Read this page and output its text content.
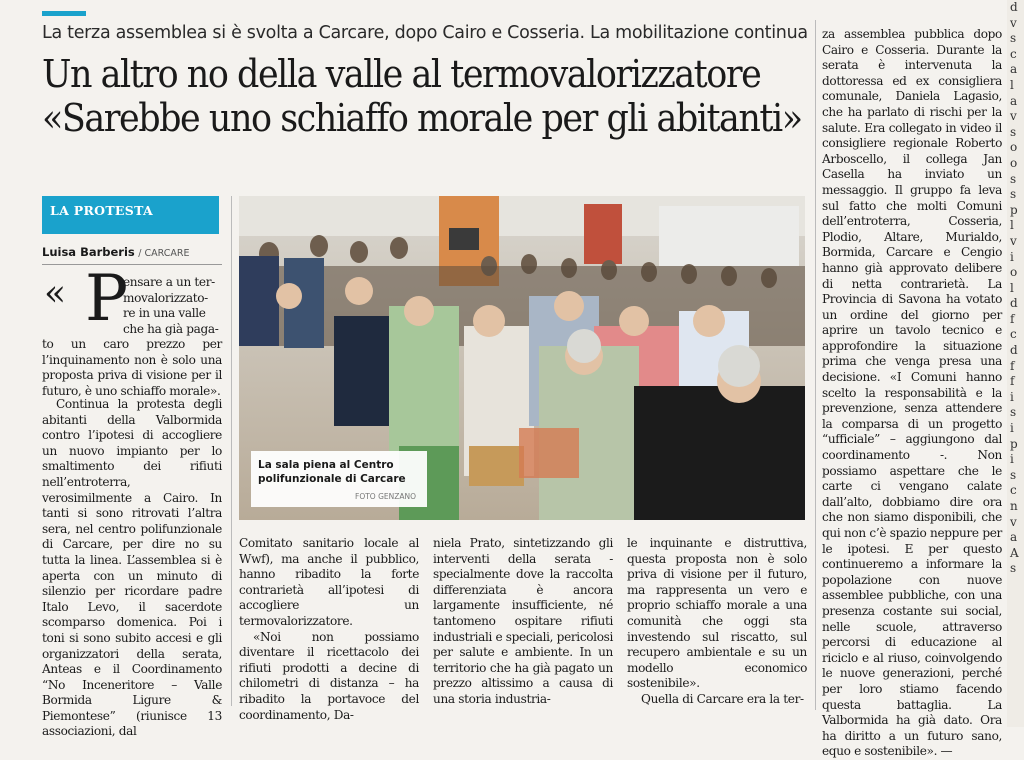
La terza assemblea si è svolta a Carcare, dopo Cairo e Cosseria. La mobilitazione continua
Un altro no della valle al termovalorizzatore
«Sarebbe uno schiaffo morale per gli abitanti»
LA PROTESTA
Luisa Barberis / CARCARE
« P
ensare a un ter-
movalorizzato-
re in una valle
che ha già paga-

to un caro prezzo per l’inquinamento non è solo una proposta priva di visione per il futuro, è uno schiaffo morale».

Continua la protesta degli abitanti della Valbormida contro l’ipotesi di accogliere un nuovo impianto per lo smaltimento dei rifiuti nell’entroterra, verosimilmente a Cairo. In tanti si sono ritrovati l’altra sera, nel centro polifunzionale di Carcare, per dire no su tutta la linea. L’assemblea si è aperta con un minuto di silenzio per ricordare padre Italo Levo, il sacerdote scomparso domenica. Poi i toni si sono subito accesi e gli organizzatori della serata, Anteas e il Coordinamento “No Inceneritore – Valle Bormida Ligure & Piemontese” (riunisce 13 associazioni, dal

La sala piena al Centro polifunzionale di Carcare
FOTO GENZANO

Comitato sanitario locale al Wwf), ma anche il pubblico, hanno ribadito la forte contrarietà all’ipotesi di accogliere un termovalorizzatore.

«Noi non possiamo diventare il ricettacolo dei rifiuti prodotti a decine di chilometri di distanza – ha ribadito la portavoce del coordinamento, Da-

niela Prato, sintetizzando gli interventi della serata - specialmente dove la raccolta differenziata è ancora largamente insufficiente, né tantomeno ospitare rifiuti industriali e speciali, pericolosi per salute e ambiente. In un territorio che ha già pagato un prezzo altissimo a causa di una storia industria-

le inquinante e distruttiva, questa proposta non è solo priva di visione per il futuro, ma rappresenta un vero e proprio schiaffo morale a una comunità che oggi sta investendo sul riscatto, sul recupero ambientale e su un modello economico sostenibile».

Quella di Carcare era la ter-

za assemblea pubblica dopo Cairo e Cosseria. Durante la serata è intervenuta la dottoressa ed ex consigliera comunale, Daniela Lagasio, che ha parlato di rischi per la salute. Era collegato in video il consigliere regionale Roberto Arboscello, il collega Jan Casella ha inviato un messaggio. Il gruppo fa leva sul fatto che molti Comuni dell’entroterra, Cosseria, Plodio, Altare, Murialdo, Bormida, Carcare e Cengio hanno già approvato delibere di netta contrarietà. La Provincia di Savona ha votato un ordine del giorno per aprire un tavolo tecnico e approfondire la situazione prima che venga presa una decisione. «I Comuni hanno scelto la responsabilità e la prevenzione, senza attendere la comparsa di un progetto “ufficiale” – aggiungono dal coordinamento -. Non possiamo aspettare che le carte ci vengano calate dall’alto, dobbiamo dire ora che non siamo disponibili, che qui non c’è spazio neppure per le ipotesi. E per questo continueremo a informare la popolazione con nuove assemblee pubbliche, con una presenza costante sui social, nelle scuole, attraverso percorsi di educazione al riciclo e al riuso, coinvolgendo le nuove generazioni, perché per loro stiamo facendo questa battaglia. La Valbormida ha già dato. Ora ha diritto a un futuro sano, equo e sostenibile». —

d
v
s
c
a
l
a
v
s
o
o
s
s
p
l
v
i
o
l
d
f
c
d
f
f
i
s
i
p
i
s
c
n
v
a
A
s
